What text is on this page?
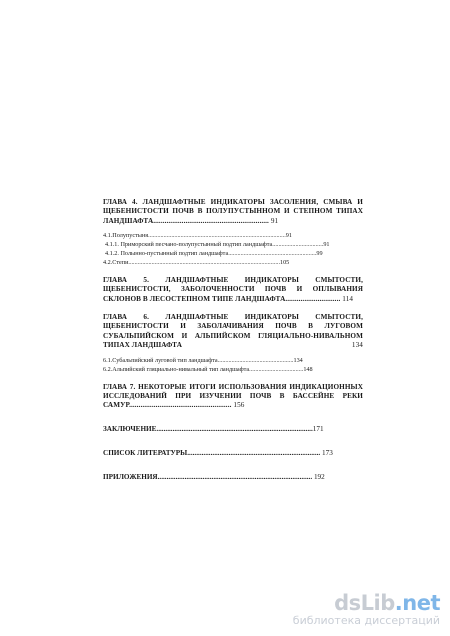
ГЛАВА 4. ЛАНДШАФТНЫЕ ИНДИКАТОРЫ ЗАСОЛЕНИЯ, СМЫВА И ЩЕБЕНИСТОСТИ ПОЧВ В ПОЛУПУСТЫННОМ И СТЕПНОМ ТИПАХ ЛАНДШАФТА............................................................. 91
4.1.Полупустыня.........................................................................................91
4.1.1. Приморский песчано-полупустынный подтип ландшафта.................................91
4.1.2. Полынно-пустынный подтип ландшафта.........................................................99
4.2.Степи..................................................................................................105
ГЛАВА 5. ЛАНДШАФТНЫЕ ИНДИКАТОРЫ СМЫТОСТИ, ЩЕБЕНИСТОСТИ, ЗАБОЛОЧЕННОСТИ ПОЧВ И ОПЛЫВАНИЯ СКЛОНОВ В ЛЕСОСТЕПНОМ ТИПЕ ЛАНДШАФТА............................. 114
ГЛАВА 6. ЛАНДШАФТНЫЕ ИНДИКАТОРЫ СМЫТОСТИ, ЩЕБЕНИСТОСТИ И ЗАБОЛАЧИВАНИЯ ПОЧВ В ЛУГОВОМ СУБАЛЬПИЙСКОМ И АЛЬПИЙСКОМ ГЛЯЦИАЛЬНО-НИВАЛЬНОМ ТИПАХ ЛАНДШАФТА	134
6.1.Субальпийский луговой тип ландшафта.................................................134
6.2.Альпийский гляциально-нивальный тип ландшафта...................................148
ГЛАВА 7. НЕКОТОРЫЕ ИТОГИ ИСПОЛЬЗОВАНИЯ ИНДИКАЦИОННЫХ ИССЛЕДОВАНИЙ ПРИ ИЗУЧЕНИИ ПОЧВ В БАССЕЙНЕ РЕКИ САМУР...................................................... 156
ЗАКЛЮЧЕНИЕ.......................................................................................171
СПИСОК ЛИТЕРАТУРЫ.......................................................................... 173
ПРИЛОЖЕНИЯ...................................................................................... 192
dsLib.net
библиотека диссертаций
